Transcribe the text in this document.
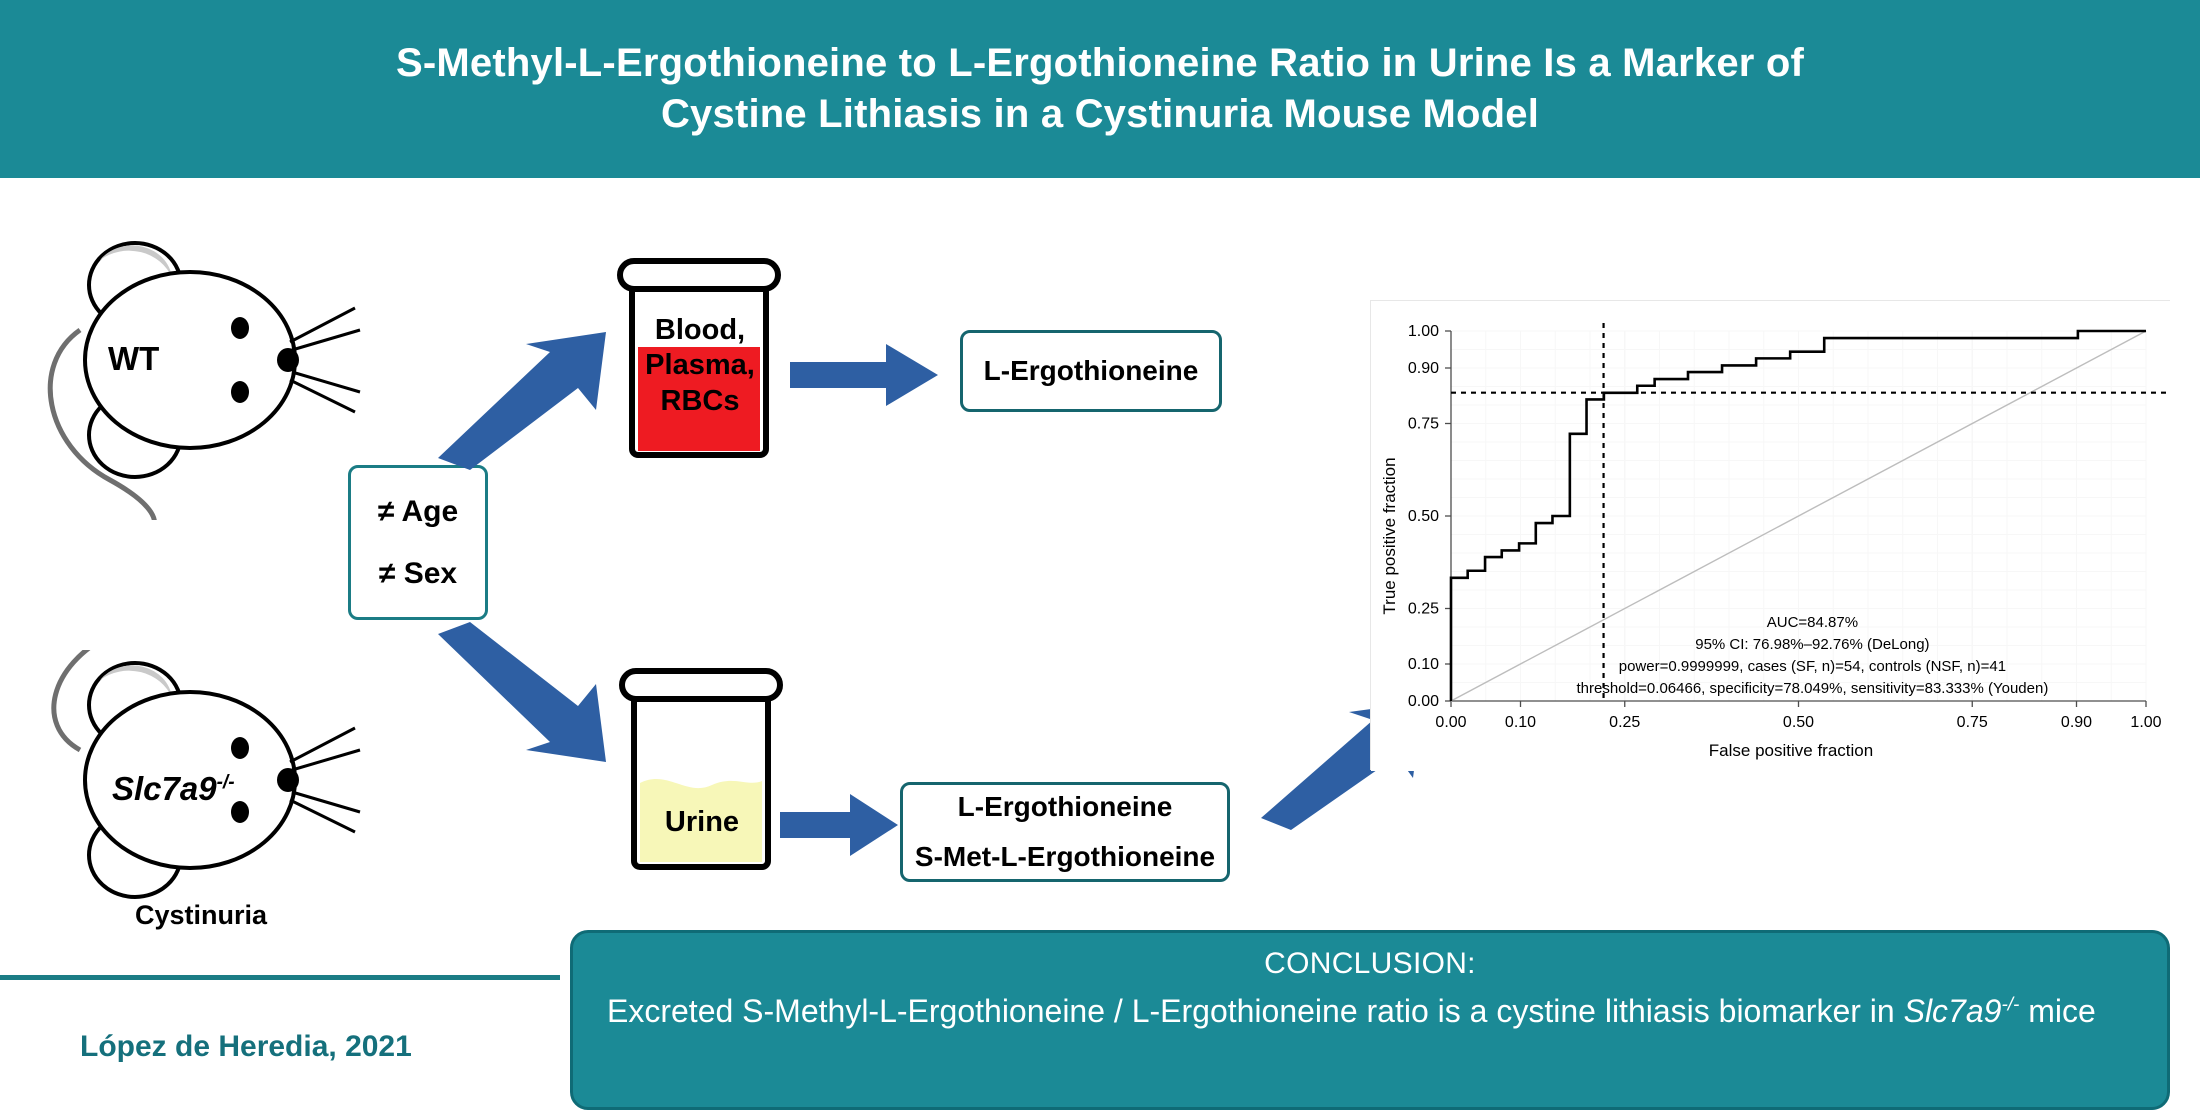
S-Methyl-L-Ergothioneine to L-Ergothioneine Ratio in Urine Is a Marker of
Cystine Lithiasis in a Cystinuria Mouse Model
WT
Slc7a9-/-
Cystinuria
≠ Age
≠ Sex
Blood,
Plasma,
RBCs
Urine
L-Ergothioneine
L-Ergothioneine
S-Met-L-Ergothioneine
0.00 0.10	0.25	0.50	0.75	0.90 1.00
0.00
0.10
0.25
0.50
0.75
0.90
1.00
False positive fraction
True positive fraction
AUC=84.87%
95% CI: 76.98%‒92.76% (DeLong)
power=0.9999999, cases (SF, n)=54, controls (NSF, n)=41
threshold=0.06466, specificity=78.049%, sensitivity=83.333% (Youden)
CONCLUSION:
Excreted S-Methyl-L-Ergothioneine / L-Ergothioneine ratio is a cystine lithiasis biomarker in Slc7a9-/- mice
López de Heredia, 2021
